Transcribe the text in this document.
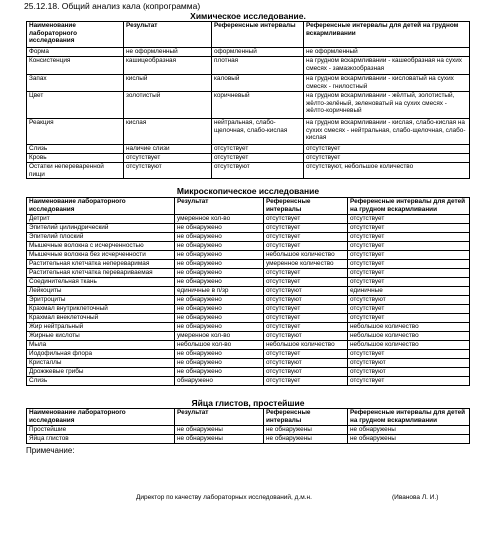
25.12.18. Общий анализ кала (копрограмма)
Химическое исследование.
Наименование лабораторного исследования	Результат	Референсные интервалы	Референсные интервалы для детей на грудном вскармливании
Форма	не оформленный	оформленный	не оформленный
Консистенция	кашицеобразная	плотная	на грудном вскармливании - кашеобразная на сухих смесях - замазкообразная
Запах	кислый	каловый	на грудном вскармливании - кисловатый на сухих смесях - гнилостный
Цвет	золотистый	коричневый	на грудном вскармливании - жёлтый, золотистый, жёлто-зелёный, зеленоватый на сухих смесях - жёлто-коричневый
Реакция	кислая	нейтральная, слабо-щелочная, слабо-кислая	на грудном вскармливании - кислая, слабо-кислая на сухих смесях - нейтральная, слабо-щелочная, слабо-кислая
Слизь	наличие слизи	отсутствует	отсутствует
Кровь	отсутствует	отсутствует	отсутствует
Остатки непереваренной пищи	отсутствуют	отсутствуют	отсутствуют, небольшое количество
Микроскопическое исследование
Наименование лабораторного исследования	Результат	Референсные интервалы	Референсные интервалы для детей на грудном вскармливании
Детрит	умеренное кол-во	отсутствует	отсутствует
Эпителий цилиндрический	не обнаружено	отсутствует	отсутствует
Эпителий плоский	не обнаружено	отсутствует	отсутствует
Мышечные волокна с исчерченностью	не обнаружено	отсутствует	отсутствует
Мышечные волокна без исчерченности	не обнаружено	небольшое количество	отсутствует
Растительная клетчатка непереваримая	не обнаружено	умеренное количество	отсутствует
Растительная клетчатка перевариваемая	не обнаружено	отсутствует	отсутствует
Соединительная ткань	не обнаружено	отсутствует	отсутствует
Лейкоциты	единичные в п/зр	отсутствуют	единичные
Эритроциты	не обнаружено	отсутствуют	отсутствуют
Крахмал внутриклеточный	не обнаружено	отсутствует	отсутствует
Крахмал внеклеточный	не обнаружено	отсутствует	отсутствует
Жир нейтральный	не обнаружено	отсутствует	небольшое количество
Жирные кислоты	умеренное кол-во	отсутствуют	небольшое количество
Мыла	небольшое кол-во	небольшое количество	небольшое количество
Йодофильная флора	не обнаружено	отсутствует	отсутствует
Кристаллы	не обнаружено	отсутствуют	отсутствуют
Дрожжевые грибы	не обнаружено	отсутствуют	отсутствуют
Слизь	обнаружено	отсутствует	отсутствует
Яйца глистов, простейшие
Наименование лабораторного исследования	Результат	Референсные интервалы	Референсные интервалы для детей на грудном вскармливании
Простейшие	не обнаружены	не обнаружены	не обнаружены
Яйца глистов	не обнаружены	не обнаружены	не обнаружены
Примечание:
Директор по качеству лабораторных исследований, д.м.н.	(Иванова Л. И.)
